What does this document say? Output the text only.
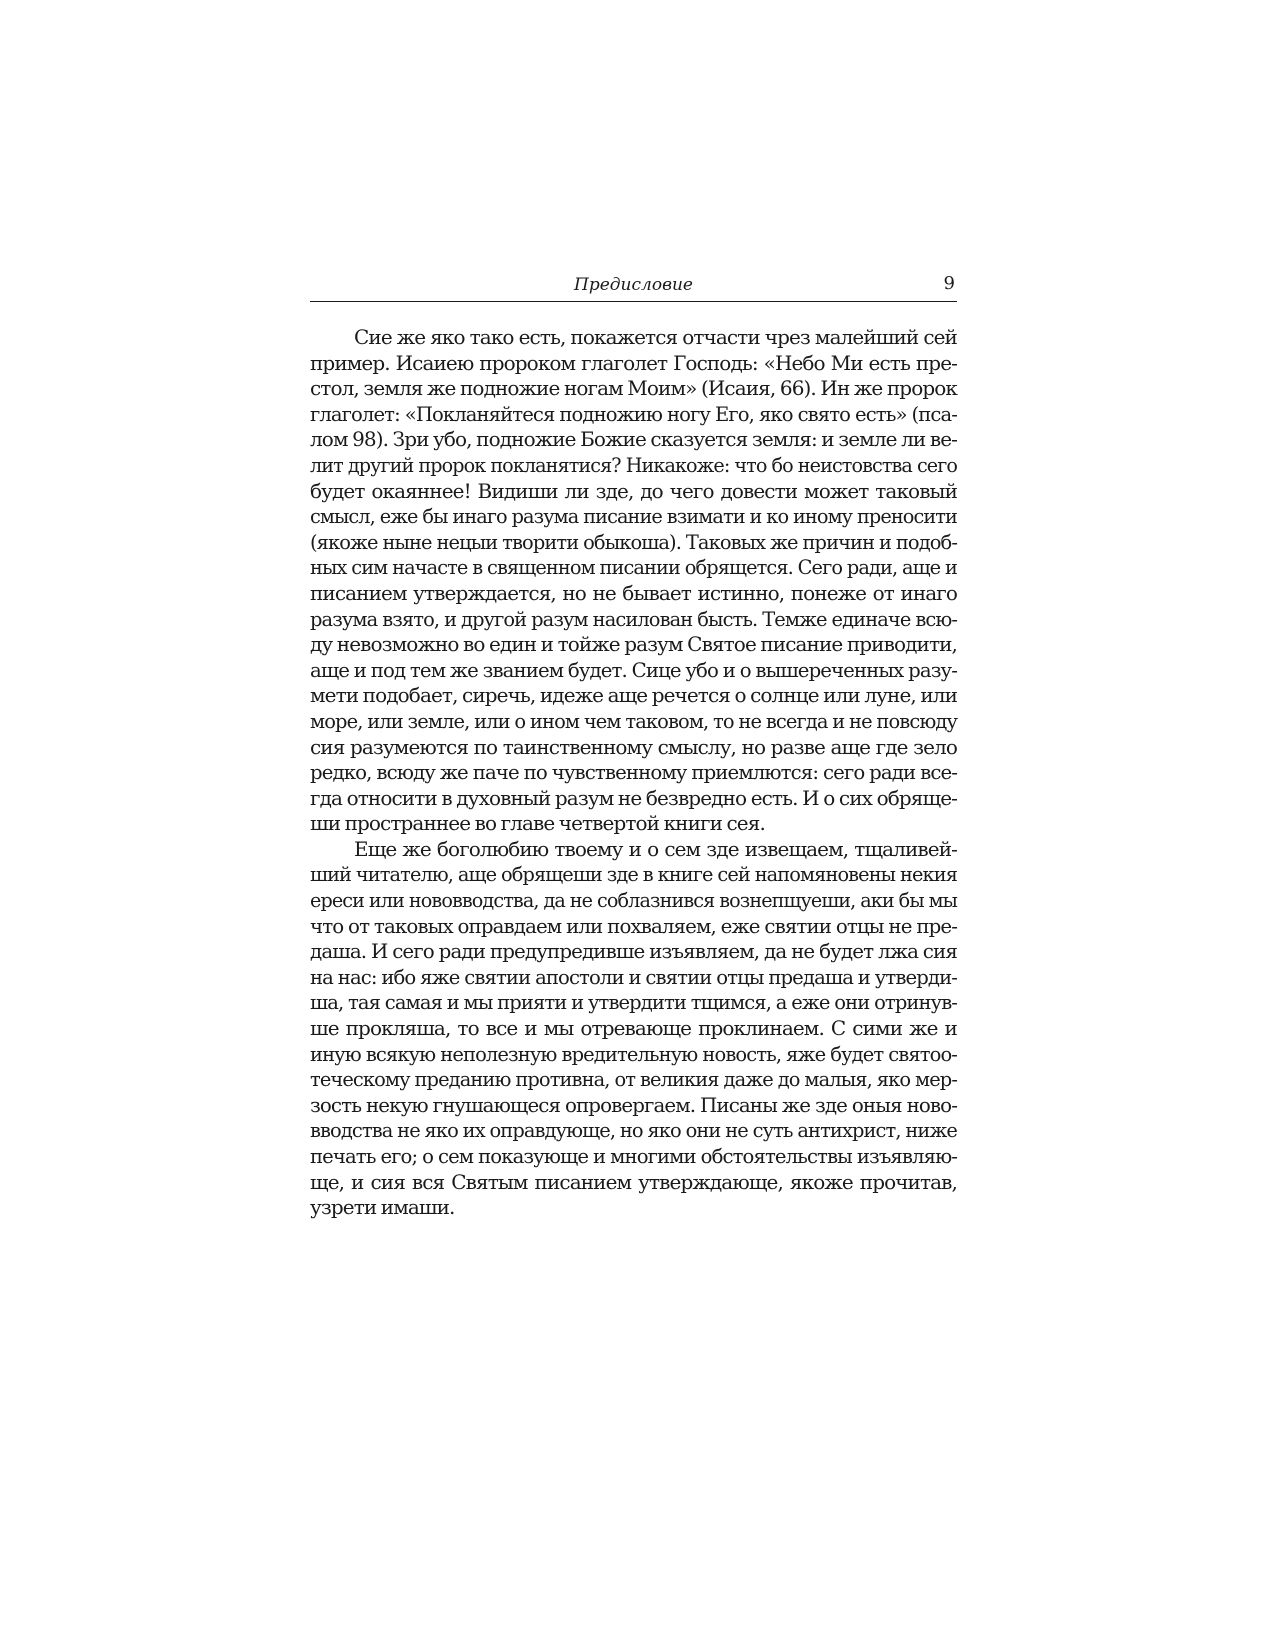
Предисловие	9
Сие же яко тако есть, покажется отчасти чрез малейший сей
пример. Исаиею пророком глаголет Господь: «Небо Ми есть пре-
стол, земля же подножие ногам Моим» (Исаия, 66). Ин же пророк
глаголет: «Покланяйтеся подножию ногу Его, яко свято есть» (пса-
лом 98). Зри убо, подножие Божие сказуется земля: и земле ли ве-
лит другий пророк покланятися? Никакоже: что бо неистовства сего
будет окаяннее! Видиши ли зде, до чего довести может таковый
смысл, еже бы инаго разума писание взимати и ко иному преносити
(якоже ныне нецыи творити обыкоша). Таковых же причин и подоб-
ных сим начасте в священном писании обрящется. Сего ради, аще и
писанием утверждается, но не бывает истинно, понеже от инаго
разума взято, и другой разум насилован бысть. Темже единаче всю-
ду невозможно во един и тойже разум Святое писание приводити,
аще и под тем же званием будет. Сице убо и о вышереченных разу-
мети подобает, сиречь, идеже аще речется о солнце или луне, или
море, или земле, или о ином чем таковом, то не всегда и не повсюду
сия разумеются по таинственному смыслу, но разве аще где зело
редко, всюду же паче по чувственному приемлются: сего ради все-
гда относити в духовный разум не безвредно есть. И о сих обряще-
ши пространнее во главе четвертой книги сея.
Еще же боголюбию твоему и о сем зде извещаем, тщаливей-
ший читателю, аще обрящеши зде в книге сей напомяновены некия
ереси или нововводства, да не соблазнився вознепщуеши, аки бы мы
что от таковых оправдаем или похваляем, еже святии отцы не пре-
даша. И сего ради предупредивше изъявляем, да не будет лжа сия
на нас: ибо яже святии апостоли и святии отцы предаша и утверди-
ша, тая самая и мы прияти и утвердити тщимся, а еже они отринув-
ше прокляша, то все и мы отревающе проклинаем. С сими же и
иную всякую неполезную вредительную новость, яже будет святоо-
теческому преданию противна, от великия даже до малыя, яко мер-
зость некую гнушающеся опровергаем. Писаны же зде оныя ново-
вводства не яко их оправдующе, но яко они не суть антихрист, ниже
печать его; о сем показующе и многими обстоятельствы изъявляю-
ще, и сия вся Святым писанием утверждающе, якоже прочитав,
узрети имаши.
